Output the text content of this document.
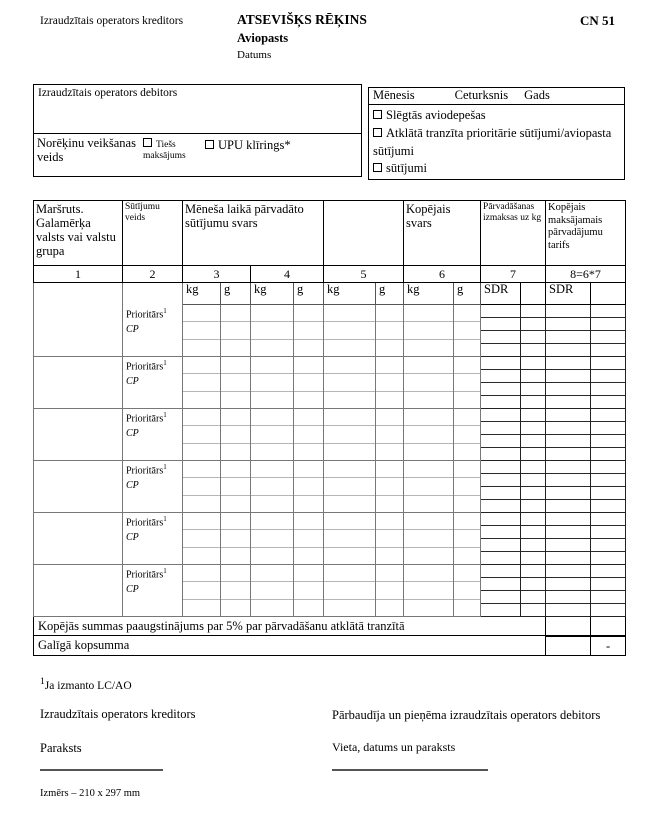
Izraudzītais operators kreditors	ATSEVIŠĶS RĒĶINS
Aviopasts
Datums
CN 51
Izraudzītais operators debitors
Norēķinu veikšanas veids
Tiešs maksājums
UPU klīrings*
Mēnesis	Ceturksnis Gads
Slēgtās aviodepešas
Atklātā tranzīta prioritārie sūtījumi/aviopasta sūtījumi
sūtījumi
Maršruts. Galamērķa valsts vai valstu grupa	Sūtījumu veids	Mēneša laikā pārvadāto sūtījumu svars						Kopējais svars		Pārvadāšanas izmaksas uz kg		Kopējais maksājamais pārvadājumu tarifs	
1	2	3		4		5		6		7		8=6*7	
		kg	g	kg	g	kg	g	kg	g	SDR		SDR	

	Prioritārs$^1$
CP												

	Prioritārs$^1$
CP												

	Prioritārs$^1$
CP												

	Prioritārs$^1$
CP												

	Prioritārs$^1$
CP												

	Prioritārs$^1$
CP												

Kopējās summas paaugstinājums par 5% par pārvadāšanu atklātā tranzītā													
Galīgā kopsumma													-
$^1$Ja izmanto LC/AO
Izraudzītais operators kreditors
Paraksts
Pārbaudīja un pieņēma izraudzītais operators debitors
Vieta, datums un paraksts
Izmērs – 210 x 297 mm
